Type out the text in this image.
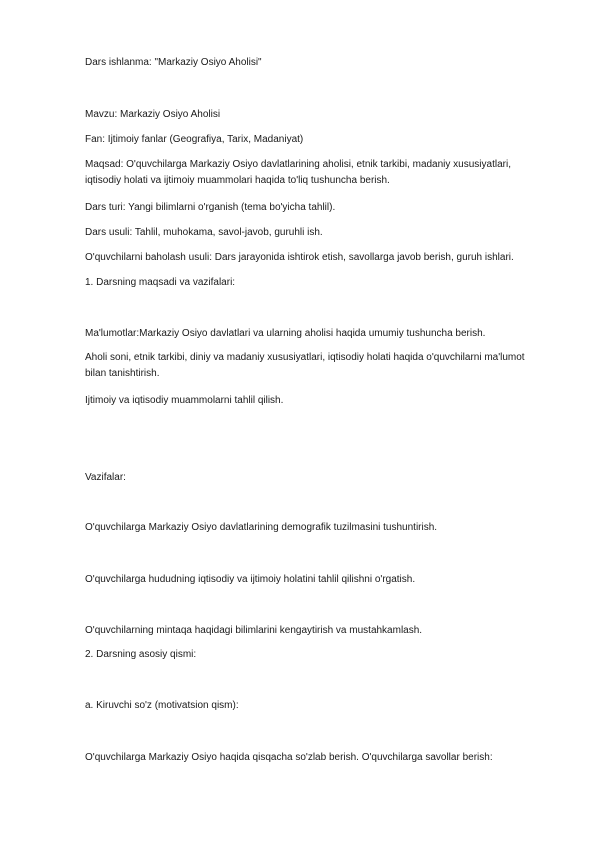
Dars ishlanma: "Markaziy Osiyo Aholisi"

Mavzu: Markaziy Osiyo Aholisi

Fan: Ijtimoiy fanlar (Geografiya, Tarix, Madaniyat)

Maqsad: O'quvchilarga Markaziy Osiyo davlatlarining aholisi, etnik tarkibi, madaniy xususiyatlari, iqtisodiy holati va ijtimoiy muammolari haqida to'liq tushuncha berish.

Dars turi: Yangi bilimlarni o'rganish (tema bo'yicha tahlil).

Dars usuli: Tahlil, muhokama, savol-javob, guruhli ish.

O'quvchilarni baholash usuli: Dars jarayonida ishtirok etish, savollarga javob berish, guruh ishlari.

1. Darsning maqsadi va vazifalari:

Ma'lumotlar:Markaziy Osiyo davlatlari va ularning aholisi haqida umumiy tushuncha berish.

Aholi soni, etnik tarkibi, diniy va madaniy xususiyatlari, iqtisodiy holati haqida o'quvchilarni ma'lumot bilan tanishtirish.

Ijtimoiy va iqtisodiy muammolarni tahlil qilish.

Vazifalar:

O'quvchilarga Markaziy Osiyo davlatlarining demografik tuzilmasini tushuntirish.

O'quvchilarga hududning iqtisodiy va ijtimoiy holatini tahlil qilishni o'rgatish.

O'quvchilarning mintaqa haqidagi bilimlarini kengaytirish va mustahkamlash.

2. Darsning asosiy qismi:

a. Kiruvchi so'z (motivatsion qism):

O'quvchilarga Markaziy Osiyo haqida qisqacha so'zlab berish. O'quvchilarga savollar berish:
